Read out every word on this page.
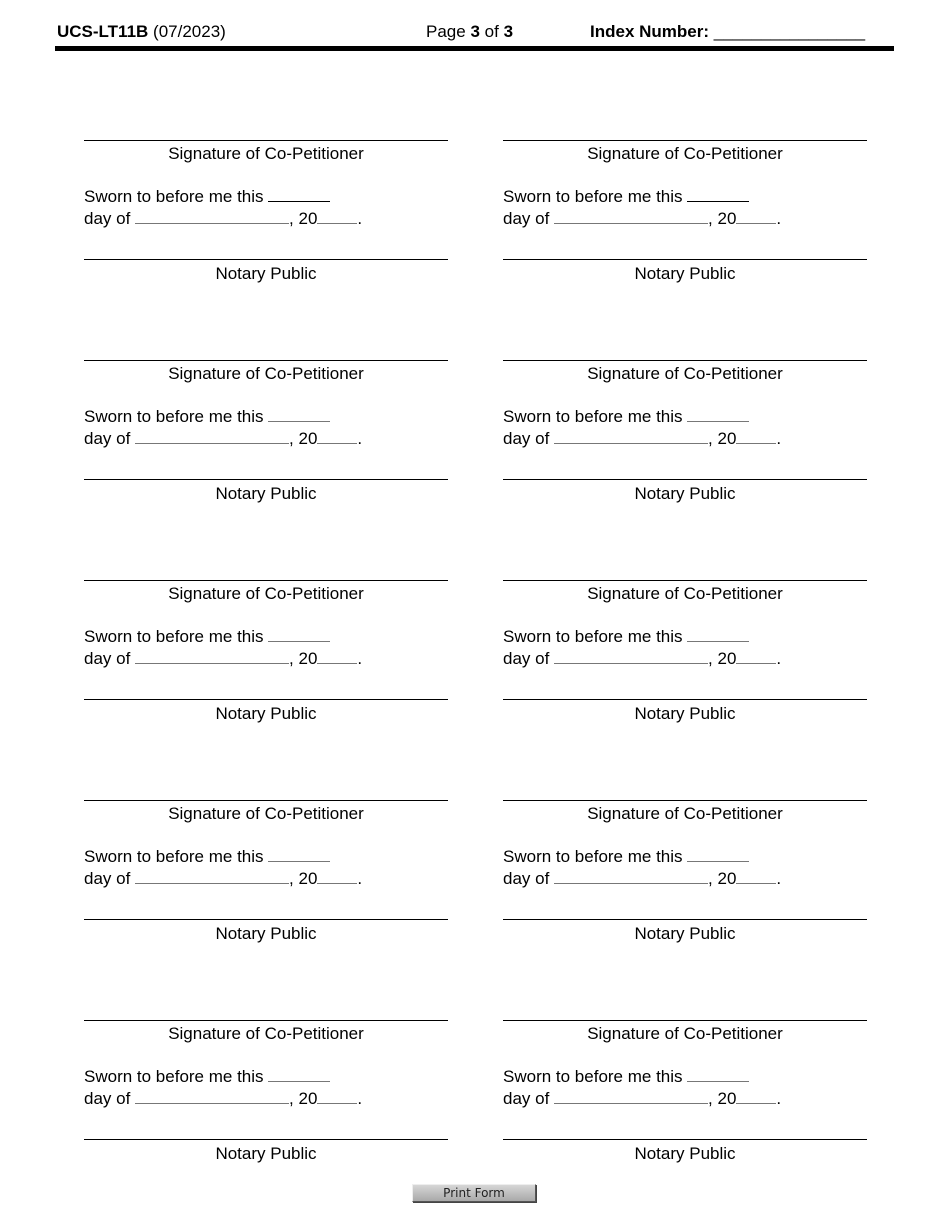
UCS-LT11B (07/2023)	Page 3 of 3	Index Number: ________________
Signature of Co-Petitioner
Sworn to before me this
day of	, 20 .
Notary Public
Signature of Co-Petitioner
Sworn to before me this
day of	, 20 .
Notary Public
Signature of Co-Petitioner
Sworn to before me this
day of	, 20 .
Notary Public
Signature of Co-Petitioner
Sworn to before me this
day of	, 20 .
Notary Public
Signature of Co-Petitioner
Sworn to before me this
day of	, 20 .
Notary Public
Signature of Co-Petitioner
Sworn to before me this
day of	, 20 .
Notary Public
Signature of Co-Petitioner
Sworn to before me this
day of	, 20 .
Notary Public
Signature of Co-Petitioner
Sworn to before me this
day of	, 20 .
Notary Public
Signature of Co-Petitioner
Sworn to before me this
day of	, 20 .
Notary Public
Signature of Co-Petitioner
Sworn to before me this
day of	, 20 .
Notary Public
Print Form
